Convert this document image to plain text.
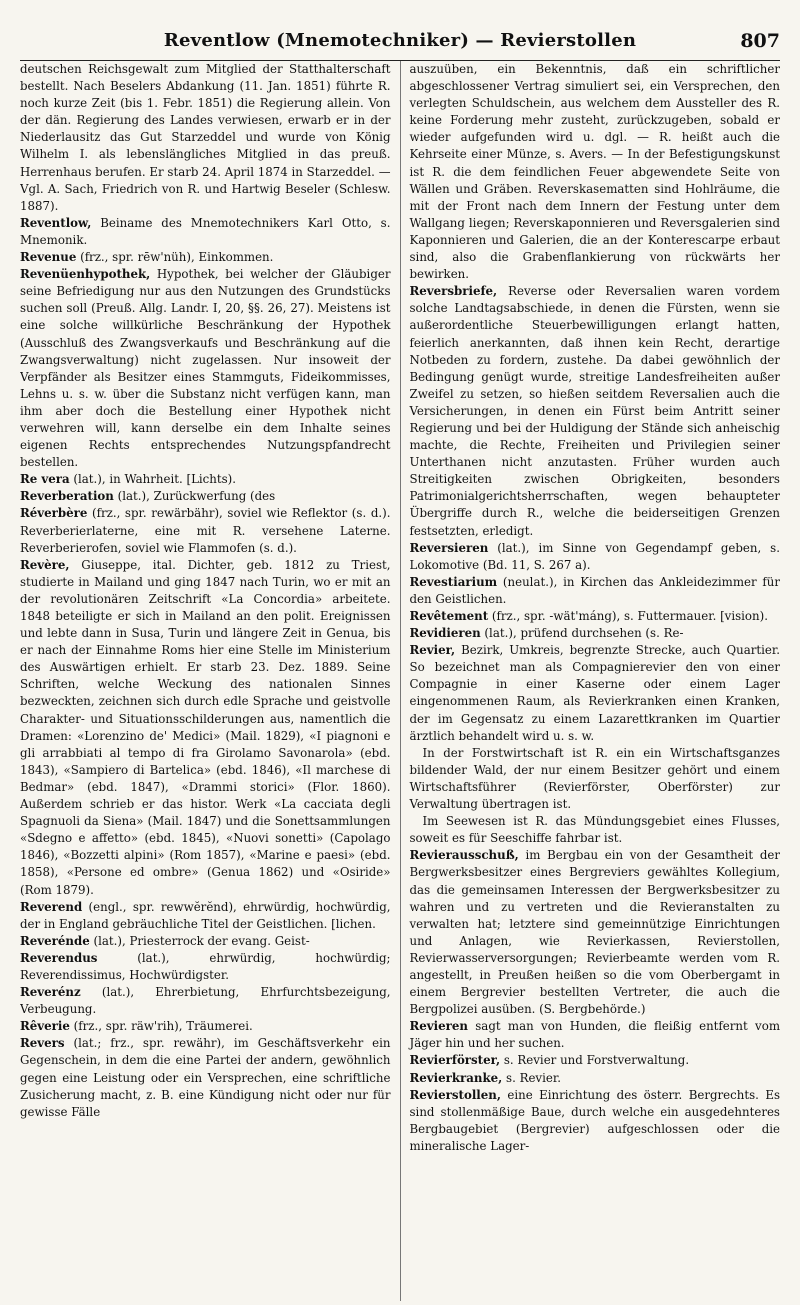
Reventlow (Mnemotechniker) — Revierstollen	807

deutschen Reichsgewalt zum Mitglied der Statthalterschaft bestellt. Nach Beselers Abdankung (11. Jan. 1851) führte R. noch kurze Zeit (bis 1. Febr. 1851) die Regierung allein. Von der dän. Regierung des Landes verwiesen, erwarb er in der Niederlausitz das Gut Starzeddel und wurde von König Wilhelm I. als lebenslängliches Mitglied in das preuß. Herrenhaus berufen. Er starb 24. April 1874 in Starzeddel. — Vgl. A. Sach, Friedrich von R. und Hartwig Beseler (Schlesw. 1887).

Reventlow, Beiname des Mnemotechnikers Karl Otto, s. Mnemonik.

Revenue (frz., spr. rēw'nüh), Einkommen.

Revenüenhypothek, Hypothek, bei welcher der Gläubiger seine Befriedigung nur aus den Nutzungen des Grundstücks suchen soll (Preuß. Allg. Landr. I, 20, §§. 26, 27). Meistens ist eine solche willkürliche Beschränkung der Hypothek (Ausschluß des Zwangsverkaufs und Beschränkung auf die Zwangsverwaltung) nicht zugelassen. Nur insoweit der Verpfänder als Besitzer eines Stammguts, Fideikommisses, Lehns u. s. w. über die Substanz nicht verfügen kann, man ihm aber doch die Bestellung einer Hypothek nicht verwehren will, kann derselbe ein dem Inhalte seines eigenen Rechts entsprechendes Nutzungspfandrecht bestellen.

Re vera (lat.), in Wahrheit. [Lichts).

Reverberation (lat.), Zurückwerfung (des

Réverbère (frz., spr. rewärbähr), soviel wie Reflektor (s. d.). Reverberierlaterne, eine mit R. versehene Laterne. Reverberierofen, soviel wie Flammofen (s. d.).

Revère, Giuseppe, ital. Dichter, geb. 1812 zu Triest, studierte in Mailand und ging 1847 nach Turin, wo er mit an der revolutionären Zeitschrift «La Concordia» arbeitete. 1848 beteiligte er sich in Mailand an den polit. Ereignissen und lebte dann in Susa, Turin und längere Zeit in Genua, bis er nach der Einnahme Roms hier eine Stelle im Ministerium des Auswärtigen erhielt. Er starb 23. Dez. 1889. Seine Schriften, welche Weckung des nationalen Sinnes bezweckten, zeichnen sich durch edle Sprache und geistvolle Charakter- und Situationsschilderungen aus, namentlich die Dramen: «Lorenzino de' Medici» (Mail. 1829), «I piagnoni e gli arrabbiati al tempo di fra Girolamo Savonarola» (ebd. 1843), «Sampiero di Bartelica» (ebd. 1846), «Il marchese di Bedmar» (ebd. 1847), «Drammi storici» (Flor. 1860). Außerdem schrieb er das histor. Werk «La cacciata degli Spagnuoli da Siena» (Mail. 1847) und die Sonettsammlungen «Sdegno e affetto» (ebd. 1845), «Nuovi sonetti» (Capolago 1846), «Bozzetti alpini» (Rom 1857), «Marine e paesi» (ebd. 1858), «Persone ed ombre» (Genua 1862) und «Osiride» (Rom 1879).

Reverend (engl., spr. rewwĕrĕnd), ehrwürdig, hochwürdig, der in England gebräuchliche Titel der Geistlichen. [lichen.

Reverénde (lat.), Priesterrock der evang. Geist-

Reverendus (lat.), ehrwürdig, hochwürdig; Reverendissimus, Hochwürdigster.

Reverénz (lat.), Ehrerbietung, Ehrfurchtsbezeigung, Verbeugung.

Rêverie (frz., spr. räw'rih), Träumerei.

Revers (lat.; frz., spr. rewähr), im Geschäftsverkehr ein Gegenschein, in dem die eine Partei der andern, gewöhnlich gegen eine Leistung oder ein Versprechen, eine schriftliche Zusicherung macht, z. B. eine Kündigung nicht oder nur für gewisse Fälle

auszuüben, ein Bekenntnis, daß ein schriftlicher abgeschlossener Vertrag simuliert sei, ein Versprechen, den verlegten Schuldschein, aus welchem dem Aussteller des R. keine Forderung mehr zusteht, zurückzugeben, sobald er wieder aufgefunden wird u. dgl. — R. heißt auch die Kehrseite einer Münze, s. Avers. — In der Befestigungskunst ist R. die dem feindlichen Feuer abgewendete Seite von Wällen und Gräben. Reverskasematten sind Hohlräume, die mit der Front nach dem Innern der Festung unter dem Wallgang liegen; Reverskaponnieren und Reversgalerien sind Kaponnieren und Galerien, die an der Konterescarpe erbaut sind, also die Grabenflankierung von rückwärts her bewirken.

Reversbriefe, Reverse oder Reversalien waren vordem solche Landtagsabschiede, in denen die Fürsten, wenn sie außerordentliche Steuerbewilligungen erlangt hatten, feierlich anerkannten, daß ihnen kein Recht, derartige Notbeden zu fordern, zustehe. Da dabei gewöhnlich der Bedingung genügt wurde, streitige Landesfreiheiten außer Zweifel zu setzen, so hießen seitdem Reversalien auch die Versicherungen, in denen ein Fürst beim Antritt seiner Regierung und bei der Huldigung der Stände sich anheischig machte, die Rechte, Freiheiten und Privilegien seiner Unterthanen nicht anzutasten. Früher wurden auch Streitigkeiten zwischen Obrigkeiten, besonders Patrimonialgerichtsherrschaften, wegen behaupteter Übergriffe durch R., welche die beiderseitigen Grenzen festsetzten, erledigt.

Reversieren (lat.), im Sinne von Gegendampf geben, s. Lokomotive (Bd. 11, S. 267 a).

Revestiarium (neulat.), in Kirchen das Ankleidezimmer für den Geistlichen.

Revêtement (frz., spr. -wät'máng), s. Futtermauer. [vision).

Revidieren (lat.), prüfend durchsehen (s. Re-

Revier, Bezirk, Umkreis, begrenzte Strecke, auch Quartier. So bezeichnet man als Compagnierevier den von einer Compagnie in einer Kaserne oder einem Lager eingenommenen Raum, als Revierkranken einen Kranken, der im Gegensatz zu einem Lazarettkranken im Quartier ärztlich behandelt wird u. s. w.

In der Forstwirtschaft ist R. ein ein Wirtschaftsganzes bildender Wald, der nur einem Besitzer gehört und einem Wirtschaftsführer (Revierförster, Oberförster) zur Verwaltung übertragen ist.

Im Seewesen ist R. das Mündungsgebiet eines Flusses, soweit es für Seeschiffe fahrbar ist.

Revierausschuß, im Bergbau ein von der Gesamtheit der Bergwerksbesitzer eines Bergreviers gewähltes Kollegium, das die gemeinsamen Interessen der Bergwerksbesitzer zu wahren und zu vertreten und die Revieranstalten zu verwalten hat; letztere sind gemeinnützige Einrichtungen und Anlagen, wie Revierkassen, Revierstollen, Revierwasserversorgungen; Revierbeamte werden vom R. angestellt, in Preußen heißen so die vom Oberbergamt in einem Bergrevier bestellten Vertreter, die auch die Bergpolizei ausüben. (S. Bergbehörde.)

Revieren sagt man von Hunden, die fleißig entfernt vom Jäger hin und her suchen.

Revierförster, s. Revier und Forstverwaltung.

Revierkranke, s. Revier.

Revierstollen, eine Einrichtung des österr. Bergrechts. Es sind stollenmäßige Baue, durch welche ein ausgedehnteres Bergbaugebiet (Bergrevier) aufgeschlossen oder die mineralische Lager-
